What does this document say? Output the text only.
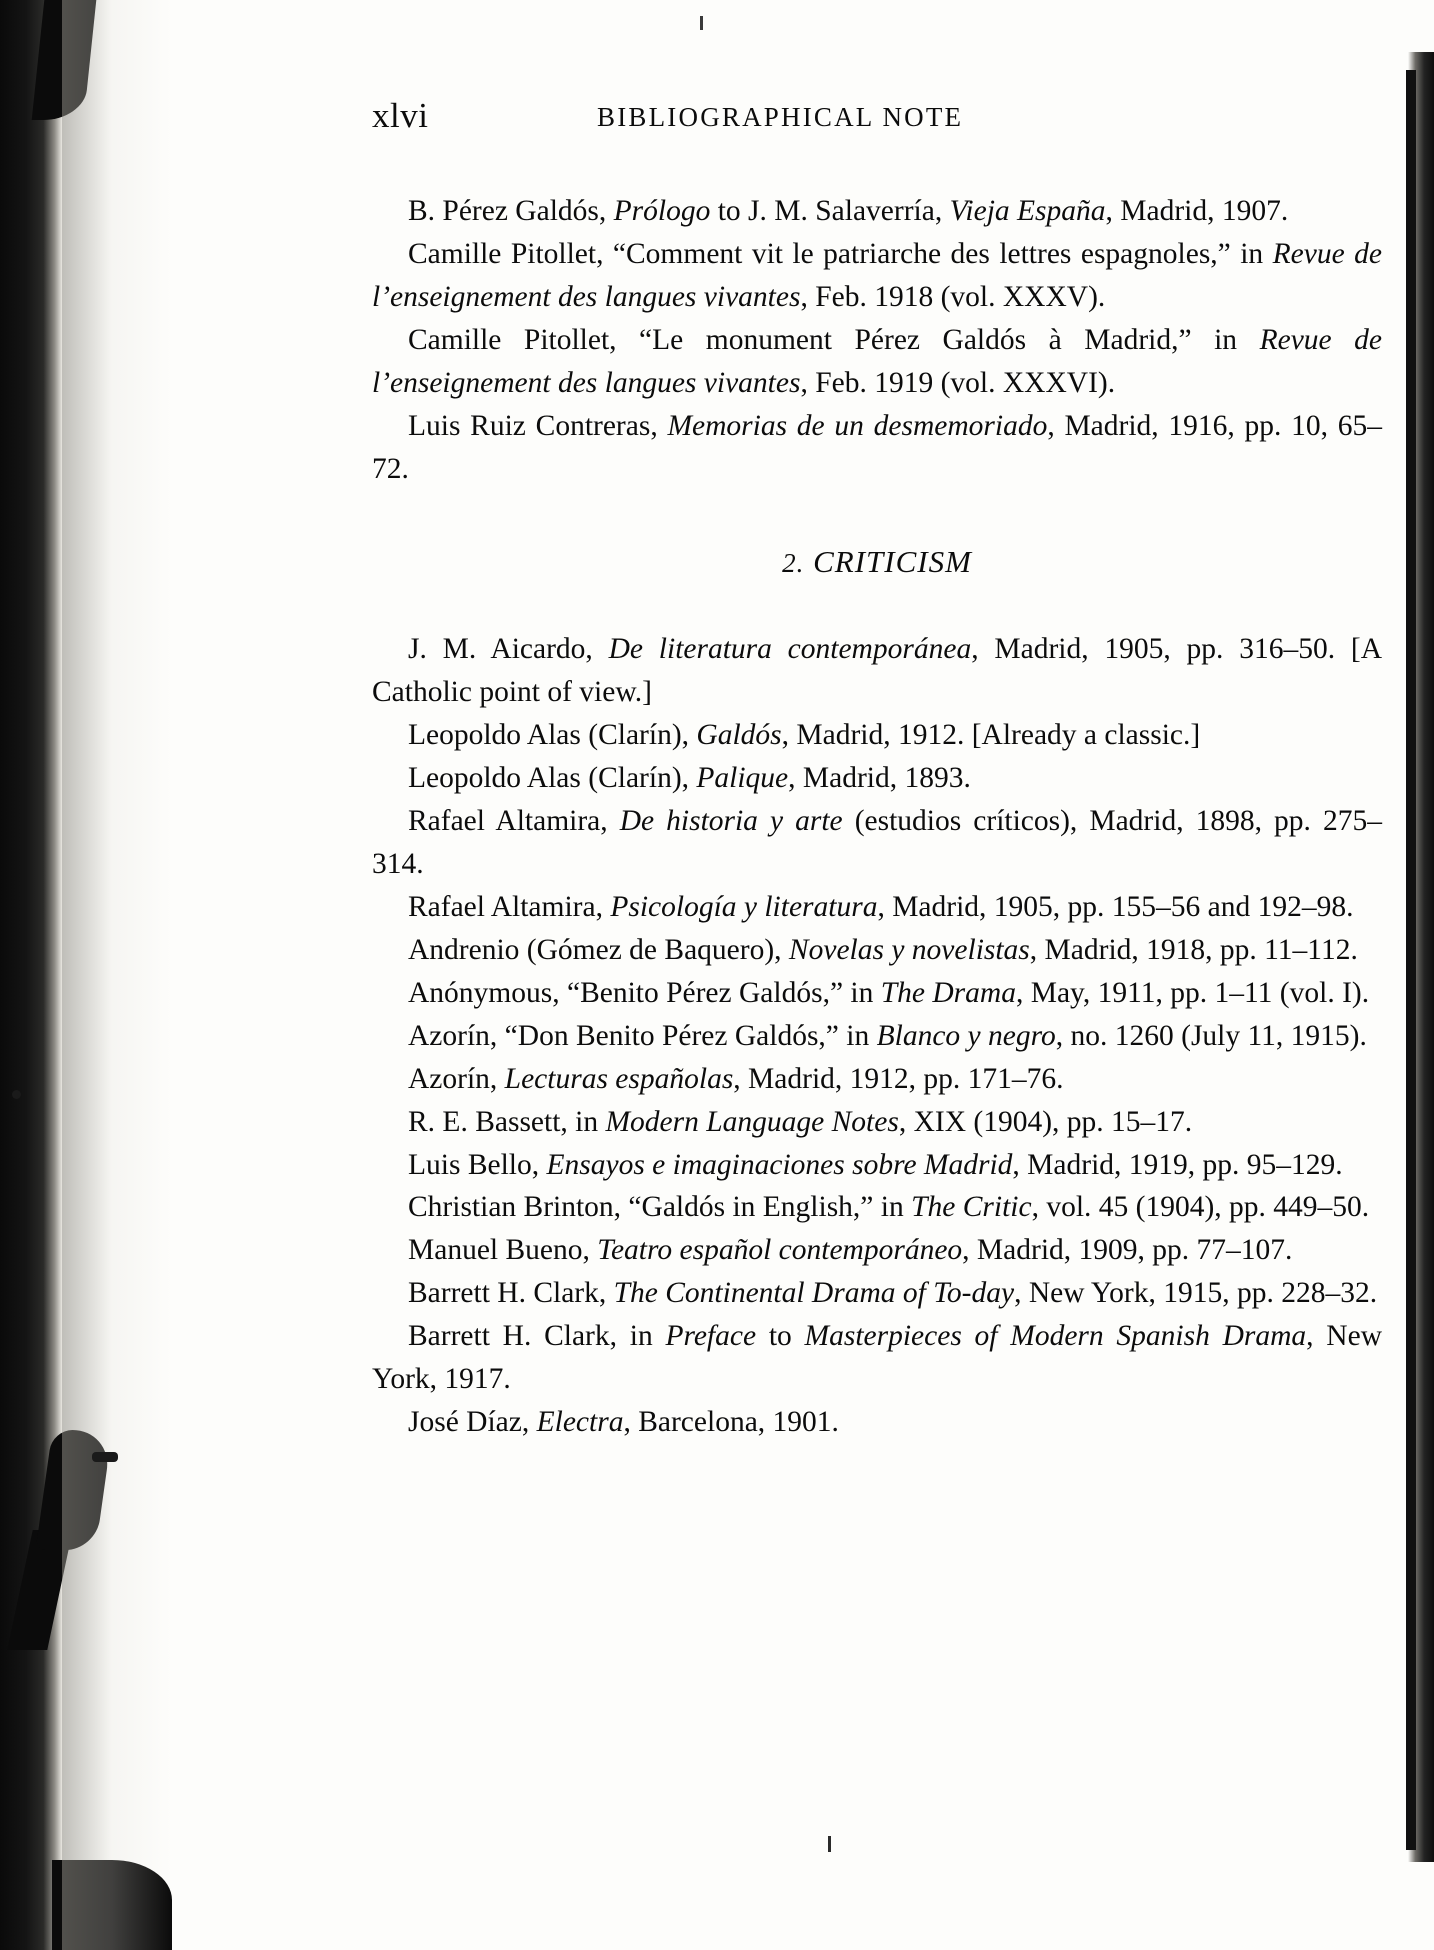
xlvi	BIBLIOGRAPHICAL NOTE

B. Pérez Galdós, Prólogo to J. M. Salaverría, Vieja España, Madrid, 1907.

Camille Pitollet, “Comment vit le patriarche des lettres espagnoles,” in Revue de l’enseignement des langues vivantes, Feb. 1918 (vol. XXXV).

Camille Pitollet, “Le monument Pérez Galdós à Madrid,” in Revue de l’enseignement des langues vivantes, Feb. 1919 (vol. XXXVI).

Luis Ruiz Contreras, Memorias de un desmemoriado, Madrid, 1916, pp. 10, 65–72.

2. CRITICISM

J. M. Aicardo, De literatura contemporánea, Madrid, 1905, pp. 316–50. [A Catholic point of view.]

Leopoldo Alas (Clarín), Galdós, Madrid, 1912. [Already a classic.]

Leopoldo Alas (Clarín), Palique, Madrid, 1893.

Rafael Altamira, De historia y arte (estudios críticos), Madrid, 1898, pp. 275–314.

Rafael Altamira, Psicología y literatura, Madrid, 1905, pp. 155–56 and 192–98.

Andrenio (Gómez de Baquero), Novelas y novelistas, Madrid, 1918, pp. 11–112.

Anónymous, “Benito Pérez Galdós,” in The Drama, May, 1911, pp. 1–11 (vol. I).

Azorín, “Don Benito Pérez Galdós,” in Blanco y negro, no. 1260 (July 11, 1915).

Azorín, Lecturas españolas, Madrid, 1912, pp. 171–76.

R. E. Bassett, in Modern Language Notes, XIX (1904), pp. 15–17.

Luis Bello, Ensayos e imaginaciones sobre Madrid, Madrid, 1919, pp. 95–129.

Christian Brinton, “Galdós in English,” in The Critic, vol. 45 (1904), pp. 449–50.

Manuel Bueno, Teatro español contemporáneo, Madrid, 1909, pp. 77–107.

Barrett H. Clark, The Continental Drama of To-day, New York, 1915, pp. 228–32.

Barrett H. Clark, in Preface to Masterpieces of Modern Spanish Drama, New York, 1917.

José Díaz, Electra, Barcelona, 1901.
